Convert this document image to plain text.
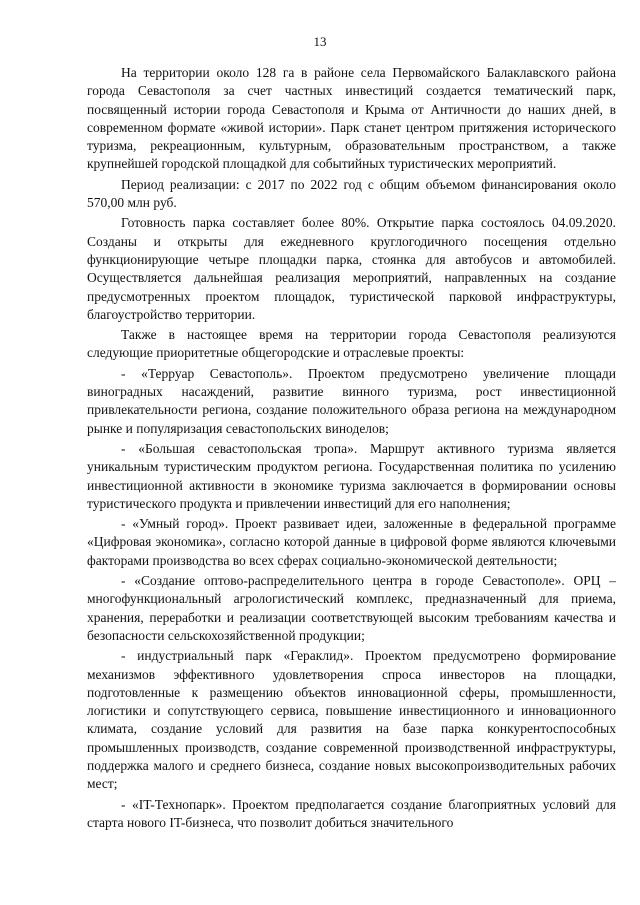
13

На территории около 128 га в районе села Первомайского Балаклавского района города Севастополя за счет частных инвестиций создается тематический парк, посвященный истории города Севастополя и Крыма от Античности до наших дней, в современном формате «живой истории». Парк станет центром притяжения исторического туризма, рекреационным, культурным, образовательным пространством, а также крупнейшей городской площадкой для событийных туристических мероприятий.

Период реализации: с 2017 по 2022 год с общим объемом финансирования около 570,00 млн руб.

Готовность парка составляет более 80%. Открытие парка состоялось 04.09.2020. Созданы и открыты для ежедневного круглогодичного посещения отдельно функционирующие четыре площадки парка, стоянка для автобусов и автомобилей. Осуществляется дальнейшая реализация мероприятий, направленных на создание предусмотренных проектом площадок, туристической парковой инфраструктуры, благоустройство территории.

Также в настоящее время на территории города Севастополя реализуются следующие приоритетные общегородские и отраслевые проекты:

- «Терруар Севастополь». Проектом предусмотрено увеличение площади виноградных насаждений, развитие винного туризма, рост инвестиционной привлекательности региона, создание положительного образа региона на международном рынке и популяризация севастопольских виноделов;

- «Большая севастопольская тропа». Маршрут активного туризма является уникальным туристическим продуктом региона. Государственная политика по усилению инвестиционной активности в экономике туризма заключается в формировании основы туристического продукта и привлечении инвестиций для его наполнения;

- «Умный город». Проект развивает идеи, заложенные в федеральной программе «Цифровая экономика», согласно которой данные в цифровой форме являются ключевыми факторами производства во всех сферах социально-экономической деятельности;

- «Создание оптово-распределительного центра в городе Севастополе». ОРЦ – многофункциональный агрологистический комплекс, предназначенный для приема, хранения, переработки и реализации соответствующей высоким требованиям качества и безопасности сельскохозяйственной продукции;

- индустриальный парк «Гераклид». Проектом предусмотрено формирование механизмов эффективного удовлетворения спроса инвесторов на площадки, подготовленные к размещению объектов инновационной сферы, промышленности, логистики и сопутствующего сервиса, повышение инвестиционного и инновационного климата, создание условий для развития на базе парка конкурентоспособных промышленных производств, создание современной производственной инфраструктуры, поддержка малого и среднего бизнеса, создание новых высокопроизводительных рабочих мест;

- «IT-Технопарк». Проектом предполагается создание благоприятных условий для старта нового IT-бизнеса, что позволит добиться значительного
